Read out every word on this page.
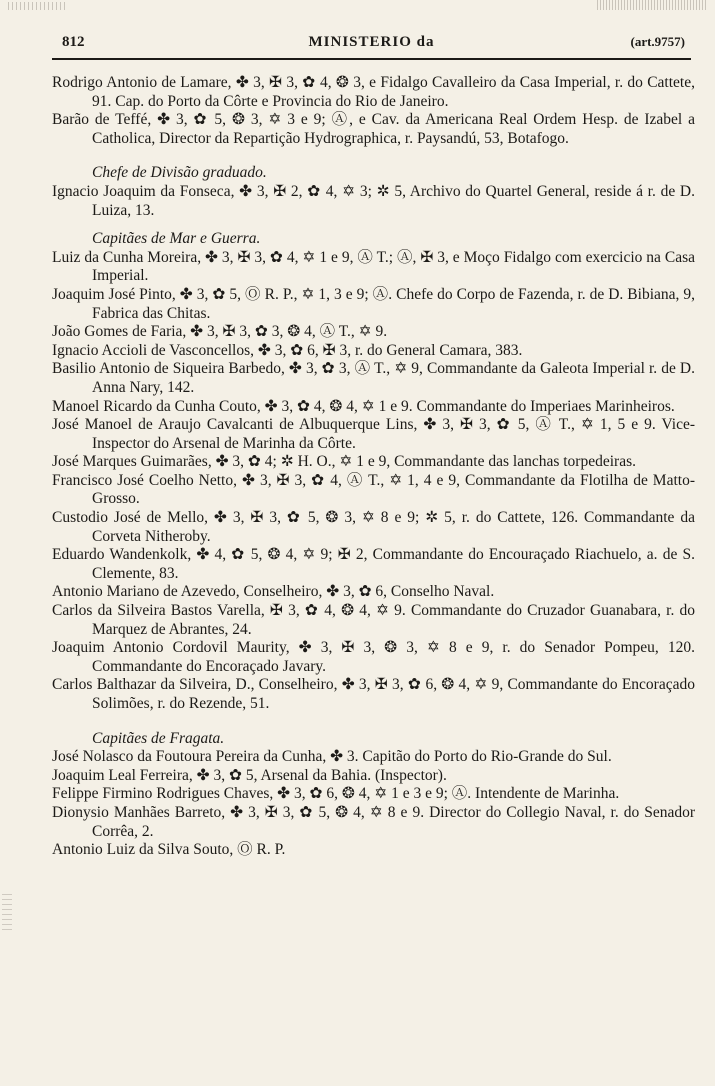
812	MINISTERIO da	(art.9757)

Rodrigo Antonio de Lamare, ✤ 3, ✠ 3, ✿ 4, ❂ 3, e Fidalgo Cavalleiro da Casa Imperial, r. do Cattete, 91. Cap. do Porto da Côrte e Provincia do Rio de Janeiro.

Barão de Teffé, ✤ 3, ✿ 5, ❂ 3, ✡ 3 e 9; Ⓐ, e Cav. da Americana Real Ordem Hesp. de Izabel a Catholica, Director da Repartição Hydrographica, r. Paysandú, 53, Botafogo.

Chefe de Divisão graduado.

Ignacio Joaquim da Fonseca, ✤ 3, ✠ 2, ✿ 4, ✡ 3; ✲ 5, Archivo do Quartel General, reside á r. de D. Luiza, 13.

Capitães de Mar e Guerra.

Luiz da Cunha Moreira, ✤ 3, ✠ 3, ✿ 4, ✡ 1 e 9, Ⓐ T.; Ⓐ, ✠ 3, e Moço Fidalgo com exercicio na Casa Imperial.

Joaquim José Pinto, ✤ 3, ✿ 5, Ⓞ R. P., ✡ 1, 3 e 9; Ⓐ. Chefe do Corpo de Fazenda, r. de D. Bibiana, 9, Fabrica das Chitas.

João Gomes de Faria, ✤ 3, ✠ 3, ✿ 3, ❂ 4, Ⓐ T., ✡ 9.

Ignacio Accioli de Vasconcellos, ✤ 3, ✿ 6, ✠ 3, r. do General Camara, 383.

Basilio Antonio de Siqueira Barbedo, ✤ 3, ✿ 3, Ⓐ T., ✡ 9, Commandante da Galeota Imperial r. de D. Anna Nary, 142.

Manoel Ricardo da Cunha Couto, ✤ 3, ✿ 4, ❂ 4, ✡ 1 e 9. Commandante do Imperiaes Marinheiros.

José Manoel de Araujo Cavalcanti de Albuquerque Lins, ✤ 3, ✠ 3, ✿ 5, Ⓐ T., ✡ 1, 5 e 9. Vice-Inspector do Arsenal de Marinha da Côrte.

José Marques Guimarães, ✤ 3, ✿ 4; ✲ H. O., ✡ 1 e 9, Commandante das lanchas torpedeiras.

Francisco José Coelho Netto, ✤ 3, ✠ 3, ✿ 4, Ⓐ T., ✡ 1, 4 e 9, Commandante da Flotilha de Matto-Grosso.

Custodio José de Mello, ✤ 3, ✠ 3, ✿ 5, ❂ 3, ✡ 8 e 9; ✲ 5, r. do Cattete, 126. Commandante da Corveta Nitheroby.

Eduardo Wandenkolk, ✤ 4, ✿ 5, ❂ 4, ✡ 9; ✠ 2, Commandante do Encouraçado Riachuelo, a. de S. Clemente, 83.

Antonio Mariano de Azevedo, Conselheiro, ✤ 3, ✿ 6, Conselho Naval.

Carlos da Silveira Bastos Varella, ✠ 3, ✿ 4, ❂ 4, ✡ 9. Commandante do Cruzador Guanabara, r. do Marquez de Abrantes, 24.

Joaquim Antonio Cordovil Maurity, ✤ 3, ✠ 3, ❂ 3, ✡ 8 e 9, r. do Senador Pompeu, 120. Commandante do Encoraçado Javary.

Carlos Balthazar da Silveira, D., Conselheiro, ✤ 3, ✠ 3, ✿ 6, ❂ 4, ✡ 9, Commandante do Encoraçado Solimões, r. do Rezende, 51.

Capitães de Fragata.

José Nolasco da Foutoura Pereira da Cunha, ✤ 3. Capitão do Porto do Rio-Grande do Sul.

Joaquim Leal Ferreira, ✤ 3, ✿ 5, Arsenal da Bahia. (Inspector).

Felippe Firmino Rodrigues Chaves, ✤ 3, ✿ 6, ❂ 4, ✡ 1 e 3 e 9; Ⓐ. Intendente de Marinha.

Dionysio Manhães Barreto, ✤ 3, ✠ 3, ✿ 5, ❂ 4, ✡ 8 e 9. Director do Collegio Naval, r. do Senador Corrêa, 2.

Antonio Luiz da Silva Souto, Ⓞ R. P.
